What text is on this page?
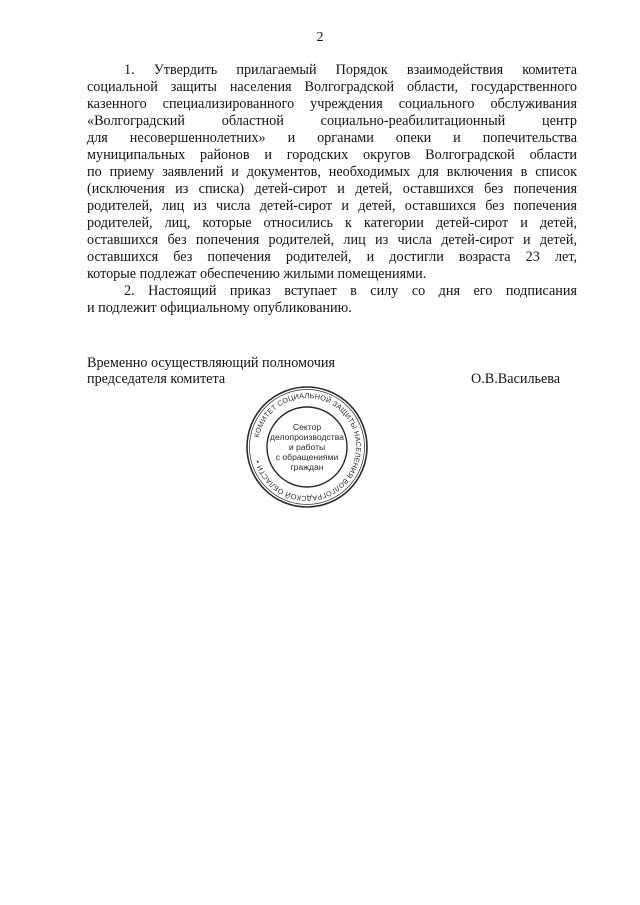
2
1. Утвердить прилагаемый Порядок взаимодействия комитета
социальной защиты населения Волгоградской области, государственного
казенного специализированного учреждения социального обслуживания
«Волгоградский областной социально-реабилитационный центр
для несовершеннолетних» и органами опеки и попечительства
муниципальных районов и городских округов Волгоградской области
по приему заявлений и документов, необходимых для включения в список
(исключения из списка) детей-сирот и детей, оставшихся без попечения
родителей, лиц из числа детей-сирот и детей, оставшихся без попечения
родителей, лиц, которые относились к категории детей-сирот и детей,
оставшихся без попечения родителей, лиц из числа детей-сирот и детей,
оставшихся без попечения родителей, и достигли возраста 23 лет,
которые подлежат обеспечению жилыми помещениями.
2. Настоящий приказ вступает в силу со дня его подписания
и подлежит официальному опубликованию.
Временно осуществляющий полномочия
председателя комитета	О.В.Васильева
КОМИТЕТ СОЦИАЛЬНОЙ ЗАЩИТЫ НАСЕЛЕНИЯ ВОЛГОГРАДСКОЙ ОБЛАСТИ •
Сектор
делопроизводства
и работы
с обращениями
граждан
